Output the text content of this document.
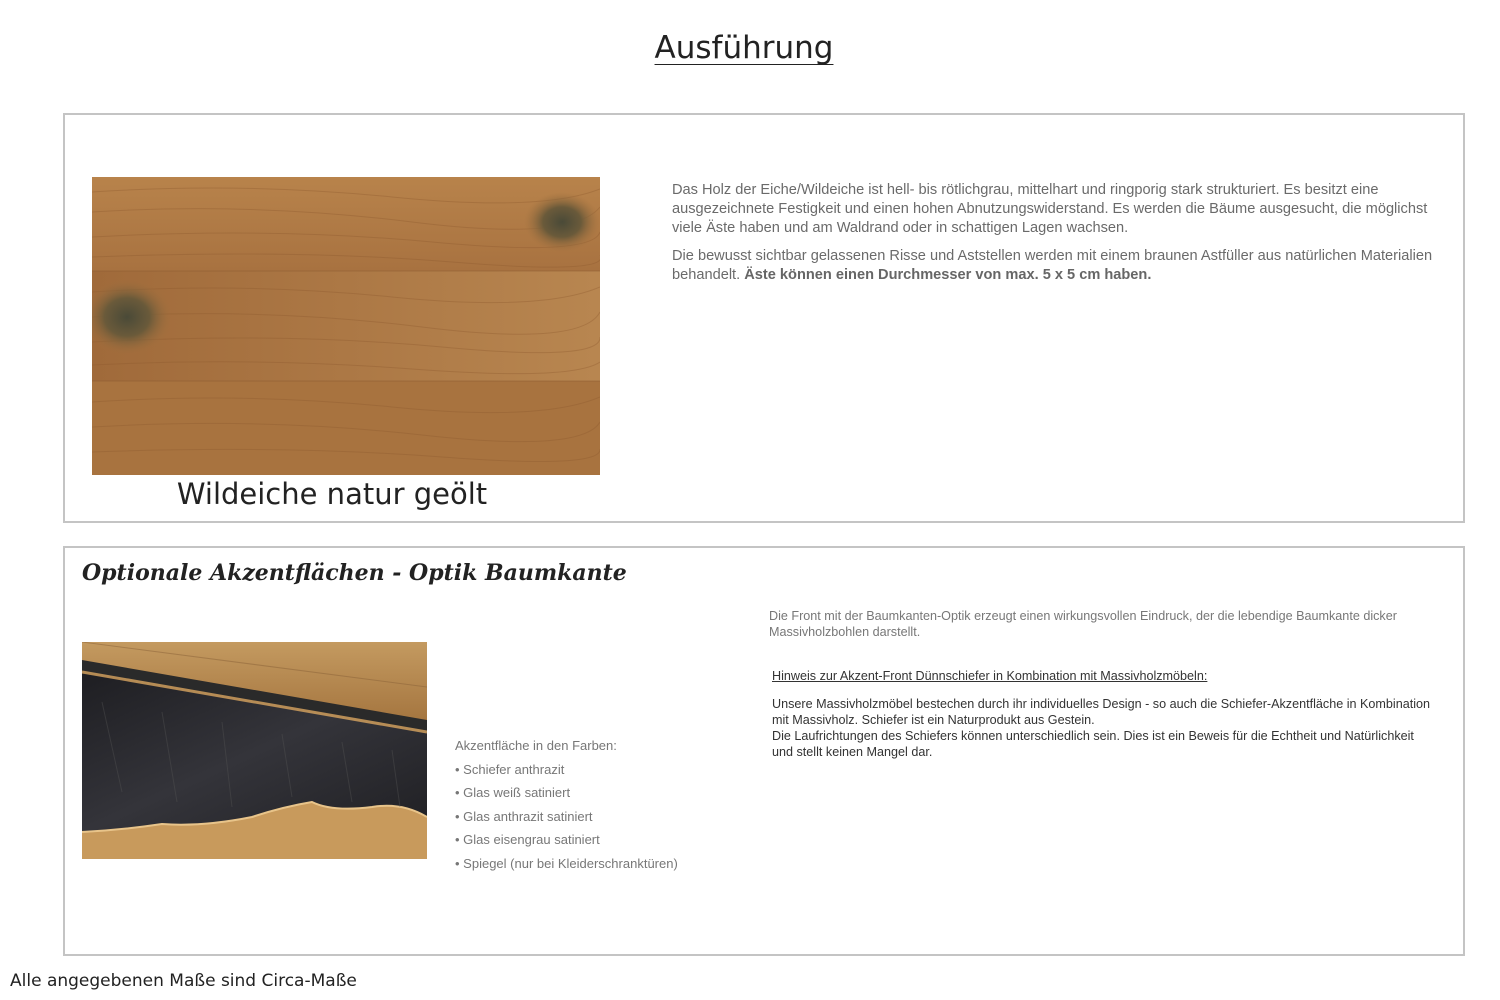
Ausführung
Wildeiche natur geölt

Das Holz der Eiche/Wildeiche ist hell- bis rötlichgrau, mittelhart und ringporig stark strukturiert. Es besitzt eine ausgezeichnete Festigkeit und einen hohen Abnutzungswiderstand. Es werden die Bäume ausgesucht, die möglichst viele Äste haben und am Waldrand oder in schattigen Lagen wachsen.

Die bewusst sichtbar gelassenen Risse und Aststellen werden mit einem braunen Astfüller aus natürlichen Materialien behandelt. Äste können einen Durchmesser von max. 5 x 5 cm haben.

Optionale Akzentflächen - Optik Baumkante
Akzentfläche in den Farben:
• Schiefer anthrazit
• Glas weiß satiniert
• Glas anthrazit satiniert
• Glas eisengrau satiniert
• Spiegel (nur bei Kleiderschranktüren)
Die Front mit der Baumkanten-Optik erzeugt einen wirkungsvollen Eindruck, der die lebendige Baumkante dicker Massivholzbohlen darstellt.
Hinweis zur Akzent-Front Dünnschiefer in Kombination mit Massivholzmöbeln:

Unsere Massivholzmöbel bestechen durch ihr individuelles Design - so auch die Schiefer-Akzentfläche in Kombination mit Massivholz. Schiefer ist ein Naturprodukt aus Gestein.

Die Laufrichtungen des Schiefers können unterschiedlich sein. Dies ist ein Beweis für die Echtheit und Natürlichkeit und stellt keinen Mangel dar.

Alle angegebenen Maße sind Circa-Maße
